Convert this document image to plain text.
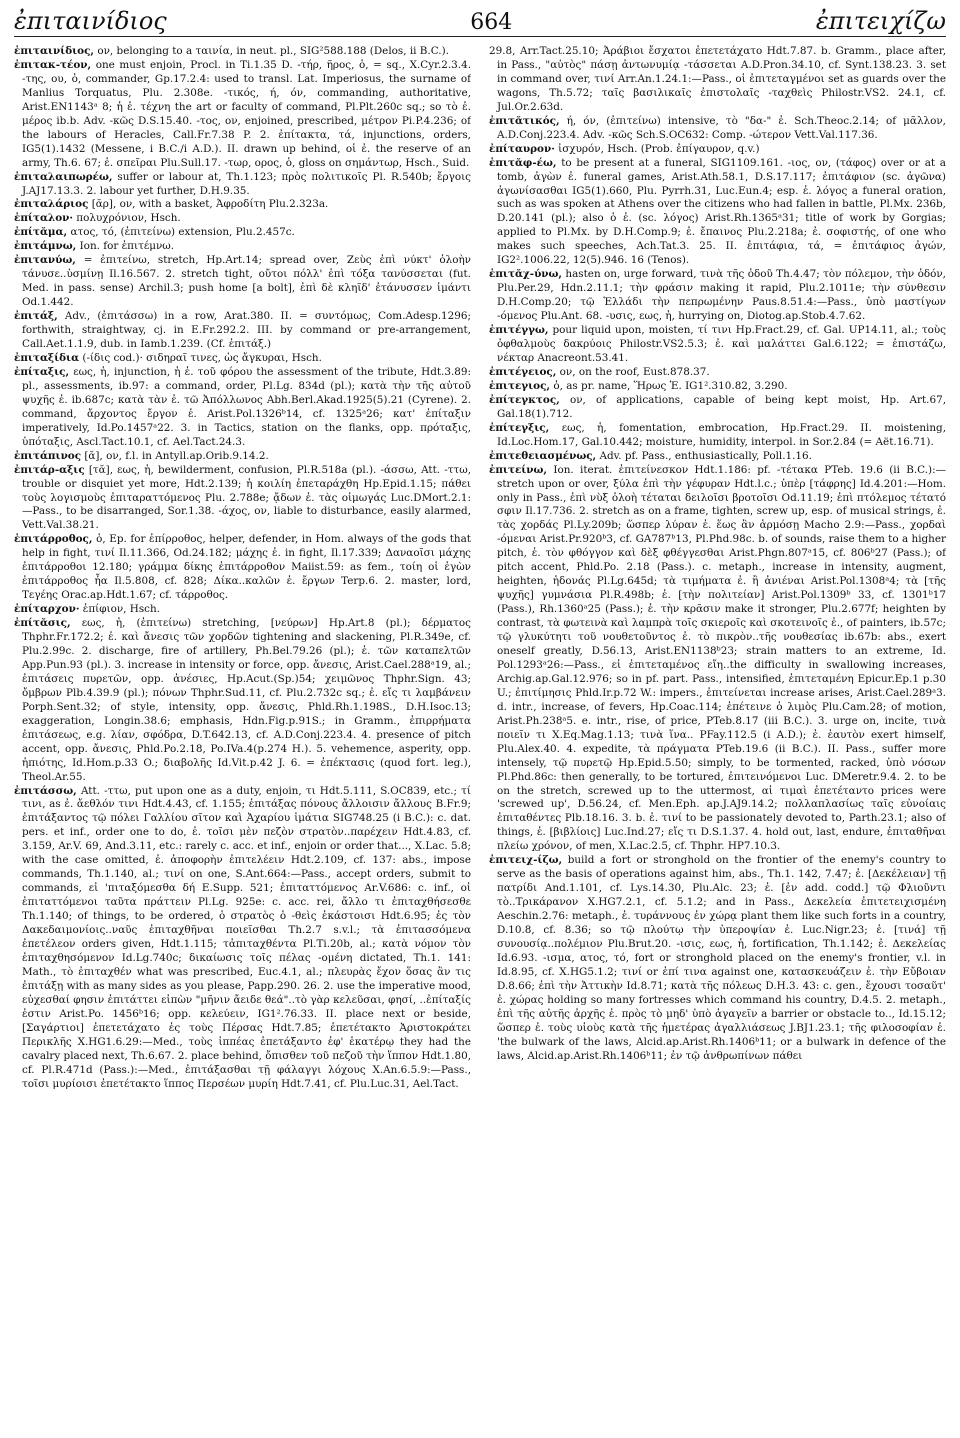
ἐπιταινίδιος	664	ἐπιτειχίζω

ἐπιταινίδιος, ον, belonging to a ταινία, in neut. pl., SIG²588.188 (Delos, ii B.C.).

ἐπιτακ-τέον, one must enjoin, Procl. in Ti.1.35 D. -τήρ, ῆρος, ὁ, = sq., X.Cyr.2.3.4. -της, ου, ὁ, commander, Gp.17.2.4: used to transl. Lat. Imperiosus, the surname of Manlius Torquatus, Plu. 2.308e. -τικός, ή, όν, commanding, authoritative, Arist.EN1143ᵃ 8; ἡ ἐ. τέχνη the art or faculty of command, Pl.Plt.260c sq.; so τὸ ἐ. μέρος ib.b. Adv. -κῶς D.S.15.40. -τος, ον, enjoined, prescribed, μέτρον Pi.P.4.236; of the labours of Heracles, Call.Fr.7.38 P. 2. ἐπίτακτα, τά, injunctions, orders, IG5(1).1432 (Messene, i B.C./i A.D.). II. drawn up behind, οἱ ἐ. the reserve of an army, Th.6. 67; ἐ. σπεῖραι Plu.Sull.17. -τωρ, ορος, ὁ, gloss on σημάντωρ, Hsch., Suid.

ἐπιταλαιπωρέω, suffer or labour at, Th.1.123; πρὸς πολιτικοῖς Pl. R.540b; ἔργοις J.AJ17.13.3. 2. labour yet further, D.H.9.35.

ἐπιταλάριος [ᾰρ], ον, with a basket, Ἀφροδίτη Plu.2.323a.

ἐπίταλον· πολυχρόνιον, Hsch.

ἐπίτᾰμα, ατος, τό, (ἐπιτείνω) extension, Plu.2.457c.

ἐπιτάμνω, Ion. for ἐπιτέμνω.

ἐπιτανύω, = ἐπιτείνω, stretch, Hp.Art.14; spread over, Ζεὺς ἐπὶ νύκτ' ὀλοὴν τάνυσε..ὑσμίνῃ Il.16.567. 2. stretch tight, οὔτοι πόλλ' ἐπὶ τόξα τανύσσεται (fut. Med. in pass. sense) Archil.3; push home [a bolt], ἐπὶ δὲ κληῖδ' ἐτάνυσσεν ἱμάντι Od.1.442.

ἐπιτάξ, Adv., (ἐπιτάσσω) in a row, Arat.380. II. = συντόμως, Com.Adesp.1296; forthwith, straightway, cj. in E.Fr.292.2. III. by command or pre-arrangement, Call.Aet.1.1.9, dub. in Iamb.1.239. (Cf. ἐπιτάξ.)

ἐπιταξίδια (-ίδις cod.)· σιδηραῖ τινες, ὡς ἄγκυραι, Hsch.

ἐπίταξις, εως, ἡ, injunction, ἡ ἐ. τοῦ φόρου the assessment of the tribute, Hdt.3.89: pl., assessments, ib.97: a command, order, Pl.Lg. 834d (pl.); κατὰ τὴν τῆς αὐτοῦ ψυχῆς ἐ. ib.687c; κατὰ τὰν ἐ. τῶ Ἀπόλλωνος Abh.Berl.Akad.1925(5).21 (Cyrene). 2. command, ἄρχοντος ἔργον ἐ. Arist.Pol.1326ᵇ14, cf. 1325ᵃ26; κατ' ἐπίταξιν imperatively, Id.Po.1457ᵃ22. 3. in Tactics, station on the flanks, opp. πρόταξις, ὑπόταξις, Ascl.Tact.10.1, cf. Ael.Tact.24.3.

ἐπιτάπινος [ᾰ], ον, f.l. in Antyll.ap.Orib.9.14.2.

ἐπιτάρ-αξις [τᾰ], εως, ἡ, bewilderment, confusion, Pl.R.518a (pl.). -άσσω, Att. -ττω, trouble or disquiet yet more, Hdt.2.139; ἡ κοιλίη ἐπεταράχθη Hp.Epid.1.15; πάθει τοὺς λογισμοὺς ἐπιταραττόμενος Plu. 2.788e; ᾄδων ἐ. τὰς οἰμωγάς Luc.DMort.2.1:—Pass., to be disarranged, Sor.1.38. -άχος, ον, liable to disturbance, easily alarmed, Vett.Val.38.21.

ἐπιτάρροθος, ὁ, Ep. for ἐπίρροθος, helper, defender, in Hom. always of the gods that help in fight, τινί Il.11.366, Od.24.182; μάχης ἐ. in fight, Il.17.339; Δαναοῖσι μάχης ἐπιτάρροθοι 12.180; γράμμα δίκης ἐπιτάρροθον Maiist.59: as fem., τοίη οἱ ἐγὼν ἐπιτάρροθος ἦα Il.5.808, cf. 828; Δίκα..καλῶν ἐ. ἔργων Terp.6. 2. master, lord, Τεγέης Orac.ap.Hdt.1.67; cf. τάρροθος.

ἐπίταρχον· ἐπίφιον, Hsch.

ἐπίτᾰσις, εως, ἡ, (ἐπιτείνω) stretching, [νεύρων] Hp.Art.8 (pl.); δέρματος Thphr.Fr.172.2; ἐ. καὶ ἄνεσις τῶν χορδῶν tightening and slackening, Pl.R.349e, cf. Plu.2.99c. 2. discharge, fire of artillery, Ph.Bel.79.26 (pl.); ἐ. τῶν καταπελτῶν App.Pun.93 (pl.). 3. increase in intensity or force, opp. ἄνεσις, Arist.Cael.288ᵃ19, al.; ἐπιτάσεις πυρετῶν, opp. ἀνέσιες, Hp.Acut.(Sp.)54; χειμῶνος Thphr.Sign. 43; ὄμβρων Plb.4.39.9 (pl.); πόνων Thphr.Sud.11, cf. Plu.2.732c sq.; ἐ. εἴς τι λαμβάνειν Porph.Sent.32; of style, intensity, opp. ἄνεσις, Phld.Rh.1.198S., D.H.Isoc.13; exaggeration, Longin.38.6; emphasis, Hdn.Fig.p.91S.; in Gramm., ἐπιρρήματα ἐπιτάσεως, e.g. λίαν, σφόδρα, D.T.642.13, cf. A.D.Conj.223.4. 4. presence of pitch accent, opp. ἄνεσις, Phld.Po.2.18, Po.IVa.4(p.274 H.). 5. vehemence, asperity, opp. ἠπιότης, Id.Hom.p.33 O.; διαβολῆς Id.Vit.p.42 J. 6. = ἐπέκτασις (quod fort. leg.), Theol.Ar.55.

ἐπιτάσσω, Att. -ττω, put upon one as a duty, enjoin, τι Hdt.5.111, S.OC839, etc.; τί τινι, as ἐ. ἄεθλόν τινι Hdt.4.43, cf. 1.155; ἐπιτάξας πόνους ἄλλοισιν ἄλλους B.Fr.9; ἐπιτάξαντος τῷ πόλει Γαλλίου σῖτον καὶ Ἀχαρίου ἱμάτια SIG748.25 (i B.C.): c. dat. pers. et inf., order one to do, ἐ. τοῖσι μὲν πεζὸν στρατὸν..παρέχειν Hdt.4.83, cf. 3.159, Ar.V. 69, And.3.11, etc.: rarely c. acc. et inf., enjoin or order that..., X.Lac. 5.8; with the case omitted, ἐ. ἀποφορὴν ἐπιτελέειν Hdt.2.109, cf. 137: abs., impose commands, Th.1.140, al.; τινί on one, S.Ant.664:—Pass., accept orders, submit to commands, εἰ 'πιταξόμεσθα δή E.Supp. 521; ἐπιταττόμενος Ar.V.686: c. inf., οἱ ἐπιταττόμενοι ταῦτα πράττειν Pl.Lg. 925e: c. acc. rei, ἄλλο τι ἐπιταχθήσεσθε Th.1.140; of things, to be ordered, ὁ στρατὸς ὁ -θεὶς ἑκάστοισι Hdt.6.95; ἐς τὸν Δακεδαιμονίοις..ναῦς ἐπιταχθῆναι ποιεῖσθαι Th.2.7 s.v.l.; τὰ ἐπιτασσόμενα ἐπετέλεον orders given, Hdt.1.115; τἀπιταχθέντα Pl.Ti.20b, al.; κατὰ νόμον τὸν ἐπιταχθησόμενον Id.Lg.740c; δικαίωσις τοῖς πέλας -ομένη dictated, Th.1. 141: Math., τὸ ἐπιταχθέν what was prescribed, Euc.4.1, al.; πλευρὰς ἔχον ὅσας ἂν τις ἐπιτάξῃ with as many sides as you please, Papp.290. 26. 2. use the imperative mood, εὐχεσθαί φησιν ἐπιτάττει εἰπὼν "μῆνιν ἄειδε θεά"..τὸ γὰρ κελεῦσαι, φησί, ..ἐπίταξίς ἐστιν Arist.Po. 1456ᵇ16; opp. κελεύειν, IG1².76.33. II. place next or beside, [Σαγάρτιοι] ἐπετετάχατο ἐς τοὺς Πέρσας Hdt.7.85; ἐπετέτακτο Ἀριστοκράτει Περικλῆς X.HG1.6.29:—Med., τοὺς ἱππέας ἐπετάξαντο ἐφ' ἑκατέρῳ they had the cavalry placed next, Th.6.67. 2. place behind, ὄπισθεν τοῦ πεζοῦ τὴν ἵππον Hdt.1.80, cf. Pl.R.471d (Pass.):—Med., ἐπιτάξασθαι τῇ φάλαγγι λόχους X.An.6.5.9:—Pass., τοῖσι μυρίοισι ἐπετέτακτο ἵππος Περσέων μυρίη Hdt.7.41, cf. Plu.Luc.31, Ael.Tact.

29.8, Arr.Tact.25.10; Ἀράβιοι ἔσχατοι ἐπετετάχατο Hdt.7.87. b. Gramm., place after, in Pass., "αὐτὸς" πάσῃ ἀντωνυμίᾳ -τάσσεται A.D.Pron.34.10, cf. Synt.138.23. 3. set in command over, τινί Arr.An.1.24.1:—Pass., οἱ ἐπιτεταγμένοι set as guards over the wagons, Th.5.72; ταῖς βασιλικαῖς ἐπιστολαῖς -ταχθεὶς Philostr.VS2. 24.1, cf. Jul.Or.2.63d.

ἐπιτᾰτικός, ή, όν, (ἐπιτείνω) intensive, τὸ "δα-" ἐ. Sch.Theoc.2.14; of μᾶλλον, A.D.Conj.223.4. Adv. -κῶς Sch.S.OC632: Comp. -ώτερον Vett.Val.117.36.

ἐπίταυρον· ἰσχυρόν, Hsch. (Prob. ἐπίγαυρον, q.v.)

ἐπιτᾰφ-έω, to be present at a funeral, SIG1109.161. -ιος, ον, (τάφος) over or at a tomb, ἀγὼν ἐ. funeral games, Arist.Ath.58.1, D.S.17.117; ἐπιτάφιον (sc. ἀγῶνα) ἀγωνίσασθαι IG5(1).660, Plu. Pyrrh.31, Luc.Eun.4; esp. ἐ. λόγος a funeral oration, such as was spoken at Athens over the citizens who had fallen in battle, Pl.Mx. 236b, D.20.141 (pl.); also ὁ ἐ. (sc. λόγος) Arist.Rh.1365ᵃ31; title of work by Gorgias; applied to Pl.Mx. by D.H.Comp.9; ἐ. ἔπαινος Plu.2.218a; ἐ. σοφιστής, of one who makes such speeches, Ach.Tat.3. 25. II. ἐπιτάφια, τά, = ἐπιτάφιος ἀγών, IG2².1006.22, 12(5).946. 16 (Tenos).

ἐπιτᾰχ-ύνω, hasten on, urge forward, τινὰ τῆς ὁδοῦ Th.4.47; τὸν πόλεμον, τὴν ὁδόν, Plu.Per.29, Hdn.2.11.1; τὴν φράσιν making it rapid, Plu.2.1011e; τὴν σύνθεσιν D.H.Comp.20; τῷ Ἑλλάδι τὴν πεπρωμένην Paus.8.51.4:—Pass., ὑπὸ μαστίγων -όμενος Plu.Ant. 68. -υσις, εως, ἡ, hurrying on, Diotog.ap.Stob.4.7.62.

ἐπιτέγγω, pour liquid upon, moisten, τί τινι Hp.Fract.29, cf. Gal. UP14.11, al.; τοὺς ὀφθαλμοὺς δακρύοις Philostr.VS2.5.3; ἐ. καὶ μαλάττει Gal.6.122; = ἐπιστάζω, νέκταρ Anacreont.53.41.

ἐπιτέγειος, ον, on the roof, Eust.878.37.

ἐπιτεγιος, ὁ, as pr. name, Ἥρως Ἐ. IG1².310.82, 3.290.

ἐπίτεγκτος, ον, of applications, capable of being kept moist, Hp. Art.67, Gal.18(1).712.

ἐπίτεγξις, εως, ἡ, fomentation, embrocation, Hp.Fract.29. II. moistening, Id.Loc.Hom.17, Gal.10.442; moisture, humidity, interpol. in Sor.2.84 (= Aët.16.71).

ἐπιτεθειασμένως, Adv. pf. Pass., enthusiastically, Poll.1.16.

ἐπιτείνω, Ion. iterat. ἐπιτείνεσκον Hdt.1.186: pf. -τέτακα PTeb. 19.6 (ii B.C.):—stretch upon or over, ξύλα ἐπὶ τὴν γέφυραν Hdt.l.c.; ὑπὲρ [τάφρης] Id.4.201:—Hom. only in Pass., ἐπὶ νὺξ ὀλοὴ τέταται δειλοῖσι βροτοῖσι Od.11.19; ἐπὶ πτόλεμος τέτατό σφιν Il.17.736. 2. stretch as on a frame, tighten, screw up, esp. of musical strings, ἐ. τὰς χορδάς Pl.Ly.209b; ὥσπερ λύραν ἐ. ἕως ἂν ἁρμόσῃ Macho 2.9:—Pass., χορδαὶ -όμεναι Arist.Pr.920ᵇ3, cf. GA787ᵇ13, Pl.Phd.98c. b. of sounds, raise them to a higher pitch, ἐ. τὸν φθόγγον καὶ δὲξ φθέγγεσθαι Arist.Phgn.807ᵃ15, cf. 806ᵇ27 (Pass.); of pitch accent, Phld.Po. 2.18 (Pass.). c. metaph., increase in intensity, augment, heighten, ἡδονάς Pl.Lg.645d; τὰ τιμήματα ἐ. ἢ ἀνιέναι Arist.Pol.1308ᵃ4; τὰ [τῆς ψυχῆς] γυμνάσια Pl.R.498b; ἐ. [τὴν πολιτείαν] Arist.Pol.1309ᵇ 33, cf. 1301ᵇ17 (Pass.), Rh.1360ᵃ25 (Pass.); ἐ. τὴν κρᾶσιν make it stronger, Plu.2.677f; heighten by contrast, τὰ φωτεινὰ καὶ λαμπρὰ τοῖς σκιεροῖς καὶ σκοτεινοῖς ἐ., of painters, ib.57c; τῷ γλυκύτητι τοῦ νουθετοῦντος ἐ. τὸ πικρὸν..τῆς νουθεσίας ib.67b: abs., exert oneself greatly, D.56.13, Arist.EN1138ᵇ23; strain matters to an extreme, Id. Pol.1293ᵃ26:—Pass., εἰ ἐπιτεταμένος εἴη..the difficulty in swallowing increases, Archig.ap.Gal.12.976; so in pf. part. Pass., intensified, ἐπιτεταμένη Epicur.Ep.1 p.30 U.; ἐπιτίμησις Phld.Ir.p.72 W.: impers., ἐπιτείνεται increase arises, Arist.Cael.289ᵃ3. d. intr., increase, of fevers, Hp.Coac.114; ἐπέτεινε ὁ λιμὸς Plu.Cam.28; of motion, Arist.Ph.238ᵃ5. e. intr., rise, of price, PTeb.8.17 (iii B.C.). 3. urge on, incite, τινὰ ποιεῖν τι X.Eq.Mag.1.13; τινὰ ἵνα.. PFay.112.5 (i A.D.); ἐ. ἑαυτὸν exert himself, Plu.Alex.40. 4. expedite, τὰ πράγματα PTeb.19.6 (ii B.C.). II. Pass., suffer more intensely, τῷ πυρετῷ Hp.Epid.5.50; simply, to be tormented, racked, ὑπὸ νόσων Pl.Phd.86c: then generally, to be tortured, ἐπιτεινόμενοι Luc. DMeretr.9.4. 2. to be on the stretch, screwed up to the uttermost, αἱ τιμαὶ ἐπετέταντο prices were 'screwed up', D.56.24, cf. Men.Eph. ap.J.AJ9.14.2; πολλαπλασίως ταῖς εὐνοίαις ἐπιταθέντες Plb.18.16. 3. b. ἐ. τινί to be passionately devoted to, Parth.23.1; also of things, ἐ. [βιβλίοις] Luc.Ind.27; εἴς τι D.S.1.37. 4. hold out, last, endure, ἐπιταθῆναι πλείω χρόνον, of men, X.Lac.2.5, cf. Thphr. HP7.10.3.

ἐπιτειχ-ίζω, build a fort or stronghold on the frontier of the enemy's country to serve as the basis of operations against him, abs., Th.1. 142, 7.47; ἐ. [Δεκέλειαν] τῇ πατρίδι And.1.101, cf. Lys.14.30, Plu.Alc. 23; ἐ. [ἐν add. codd.] τῷ Φλιοῦντι τὸ..Τρικάρανον X.HG7.2.1, cf. 5.1.2; and in Pass., Δεκελεία ἐπιτετειχισμένη Aeschin.2.76: metaph., ἐ. τυράννους ἐν χώρᾳ plant them like such forts in a country, D.10.8, cf. 8.36; so τῷ πλούτῳ τὴν ὑπεροψίαν ἐ. Luc.Nigr.23; ἐ. [τινά] τῇ συνουσίᾳ..πολέμιον Plu.Brut.20. -ισις, εως, ἡ, fortification, Th.1.142; ἐ. Δεκελείας Id.6.93. -ισμα, ατος, τό, fort or stronghold placed on the enemy's frontier, v.l. in Id.8.95, cf. X.HG5.1.2; τινί or ἐπί τινα against one, κατασκευάζειν ἐ. τὴν Εὔβοιαν D.8.66; ἐπὶ τὴν Ἀττικὴν Id.8.71; κατὰ τῆς πόλεως D.H.3. 43: c. gen., ἔχουσι τοσαῦτ' ἐ. χώρας holding so many fortresses which command his country, D.4.5. 2. metaph., ἐπὶ τῆς αὐτῆς ἀρχῆς ἐ. πρὸς τὸ μηδ' ὑπὸ ἀγαγεῖν a barrier or obstacle to.., Id.15.12; ὥσπερ ἐ. τοὺς υἱοὺς κατὰ τῆς ἡμετέρας ἀγαλλιάσεως J.BJ1.23.1; τῆς φιλοσοφίαν ἐ. 'the bulwark of the laws, Alcid.ap.Arist.Rh.1406ᵇ11; or a bulwark in defence of the laws, Alcid.ap.Arist.Rh.1406ᵇ11; ἐν τῷ ἀνθρωπίνων πάθει
